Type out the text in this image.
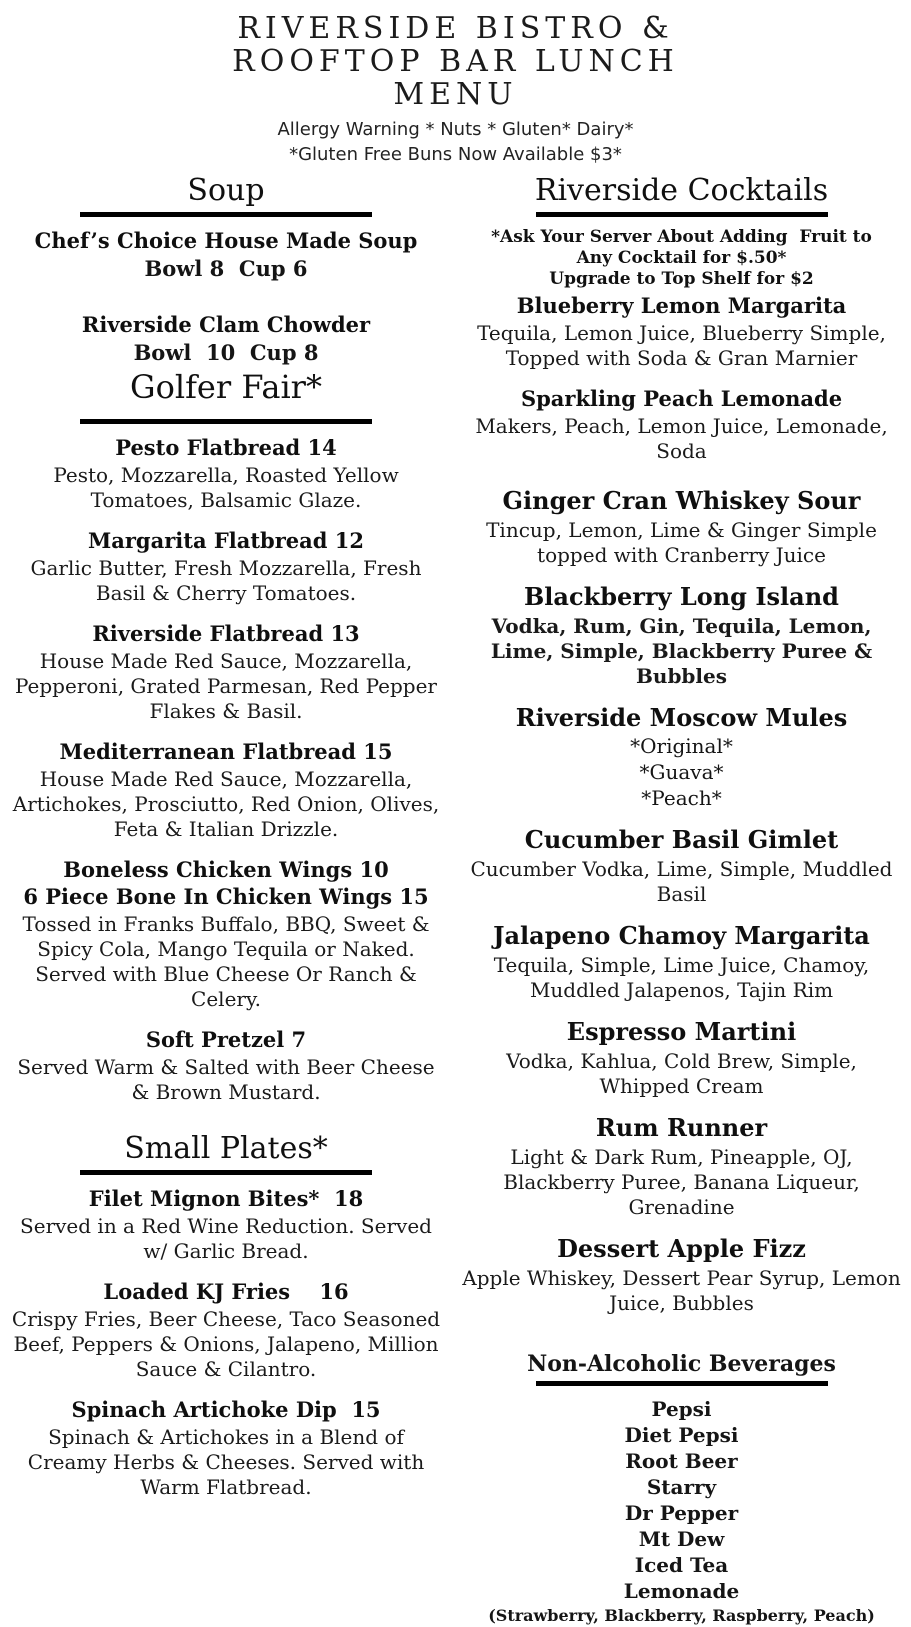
RIVERSIDE BISTRO &
ROOFTOP BAR LUNCH
MENU
Allergy Warning * Nuts * Gluten* Dairy*
*Gluten Free Buns Now Available $3*
Soup
Chef’s Choice House Made Soup
Bowl 8  Cup 6
Riverside Clam Chowder
Bowl  10  Cup 8
Golfer Fair*
Pesto Flatbread 14
Pesto, Mozzarella, Roasted Yellow Tomatoes, Balsamic Glaze.
Margarita Flatbread 12
Garlic Butter, Fresh Mozzarella, Fresh Basil & Cherry Tomatoes.
Riverside Flatbread 13
House Made Red Sauce, Mozzarella, Pepperoni, Grated Parmesan, Red Pepper Flakes & Basil.
Mediterranean Flatbread 15
House Made Red Sauce, Mozzarella, Artichokes, Prosciutto, Red Onion, Olives, Feta & Italian Drizzle.
Boneless Chicken Wings 10
6 Piece Bone In Chicken Wings 15
Tossed in Franks Buffalo, BBQ, Sweet & Spicy Cola, Mango Tequila or Naked. Served with Blue Cheese Or Ranch & Celery.
Soft Pretzel 7
Served Warm & Salted with Beer Cheese & Brown Mustard.
Small Plates*
Filet Mignon Bites*  18
Served in a Red Wine Reduction. Served w/ Garlic Bread.
Loaded KJ Fries    16
Crispy Fries, Beer Cheese, Taco Seasoned Beef, Peppers & Onions, Jalapeno, Million Sauce & Cilantro.
Spinach Artichoke Dip  15
Spinach & Artichokes in a Blend of Creamy Herbs & Cheeses. Served with Warm Flatbread.
Riverside Cocktails
*Ask Your Server About Adding  Fruit to
Any Cocktail for $.50*
Upgrade to Top Shelf for $2
Blueberry Lemon Margarita
Tequila, Lemon Juice, Blueberry Simple, Topped with Soda & Gran Marnier
Sparkling Peach Lemonade
Makers, Peach, Lemon Juice, Lemonade, Soda
Ginger Cran Whiskey Sour
Tincup, Lemon, Lime & Ginger Simple topped with Cranberry Juice
Blackberry Long Island
Vodka, Rum, Gin, Tequila, Lemon, Lime, Simple, Blackberry Puree & Bubbles
Riverside Moscow Mules
*Original*
*Guava*
*Peach*
Cucumber Basil Gimlet
Cucumber Vodka, Lime, Simple, Muddled Basil
Jalapeno Chamoy Margarita
Tequila, Simple, Lime Juice, Chamoy, Muddled Jalapenos, Tajin Rim
Espresso Martini
Vodka, Kahlua, Cold Brew, Simple, Whipped Cream
Rum Runner
Light & Dark Rum, Pineapple, OJ, Blackberry Puree, Banana Liqueur, Grenadine
Dessert Apple Fizz
Apple Whiskey, Dessert Pear Syrup, Lemon Juice, Bubbles
Non-Alcoholic Beverages
Pepsi
Diet Pepsi
Root Beer
Starry
Dr Pepper
Mt Dew
Iced Tea
Lemonade
(Strawberry, Blackberry, Raspberry, Peach)
